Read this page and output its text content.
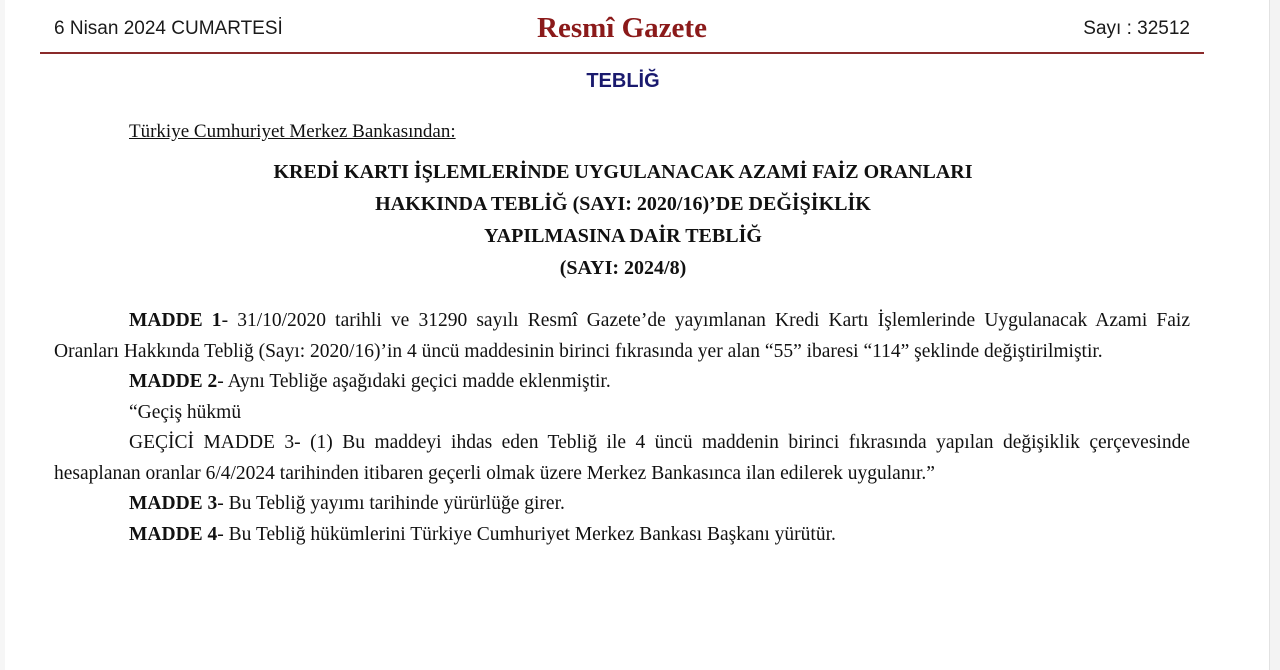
6 Nisan 2024 CUMARTESİ	Resmî Gazete	Sayı : 32512
TEBLİĞ
Türkiye Cumhuriyet Merkez Bankasından:
KREDİ KARTI İŞLEMLERİNDE UYGULANACAK AZAMİ FAİZ ORANLARI
HAKKINDA TEBLİĞ (SAYI: 2020/16)’DE DEĞİŞİKLİK
YAPILMASINA DAİR TEBLİĞ
(SAYI: 2024/8)

MADDE 1- 31/10/2020 tarihli ve 31290 sayılı Resmî Gazete’de yayımlanan Kredi Kartı İşlemlerinde Uygulanacak Azami Faiz Oranları Hakkında Tebliğ (Sayı: 2020/16)’in 4 üncü maddesinin birinci fıkrasında yer alan “55” ibaresi “114” şeklinde değiştirilmiştir.

MADDE 2- Aynı Tebliğe aşağıdaki geçici madde eklenmiştir.

“Geçiş hükmü

GEÇİCİ MADDE 3- (1) Bu maddeyi ihdas eden Tebliğ ile 4 üncü maddenin birinci fıkrasında yapılan değişiklik çerçevesinde hesaplanan oranlar 6/4/2024 tarihinden itibaren geçerli olmak üzere Merkez Bankasınca ilan edilerek uygulanır.”

MADDE 3- Bu Tebliğ yayımı tarihinde yürürlüğe girer.

MADDE 4- Bu Tebliğ hükümlerini Türkiye Cumhuriyet Merkez Bankası Başkanı yürütür.
